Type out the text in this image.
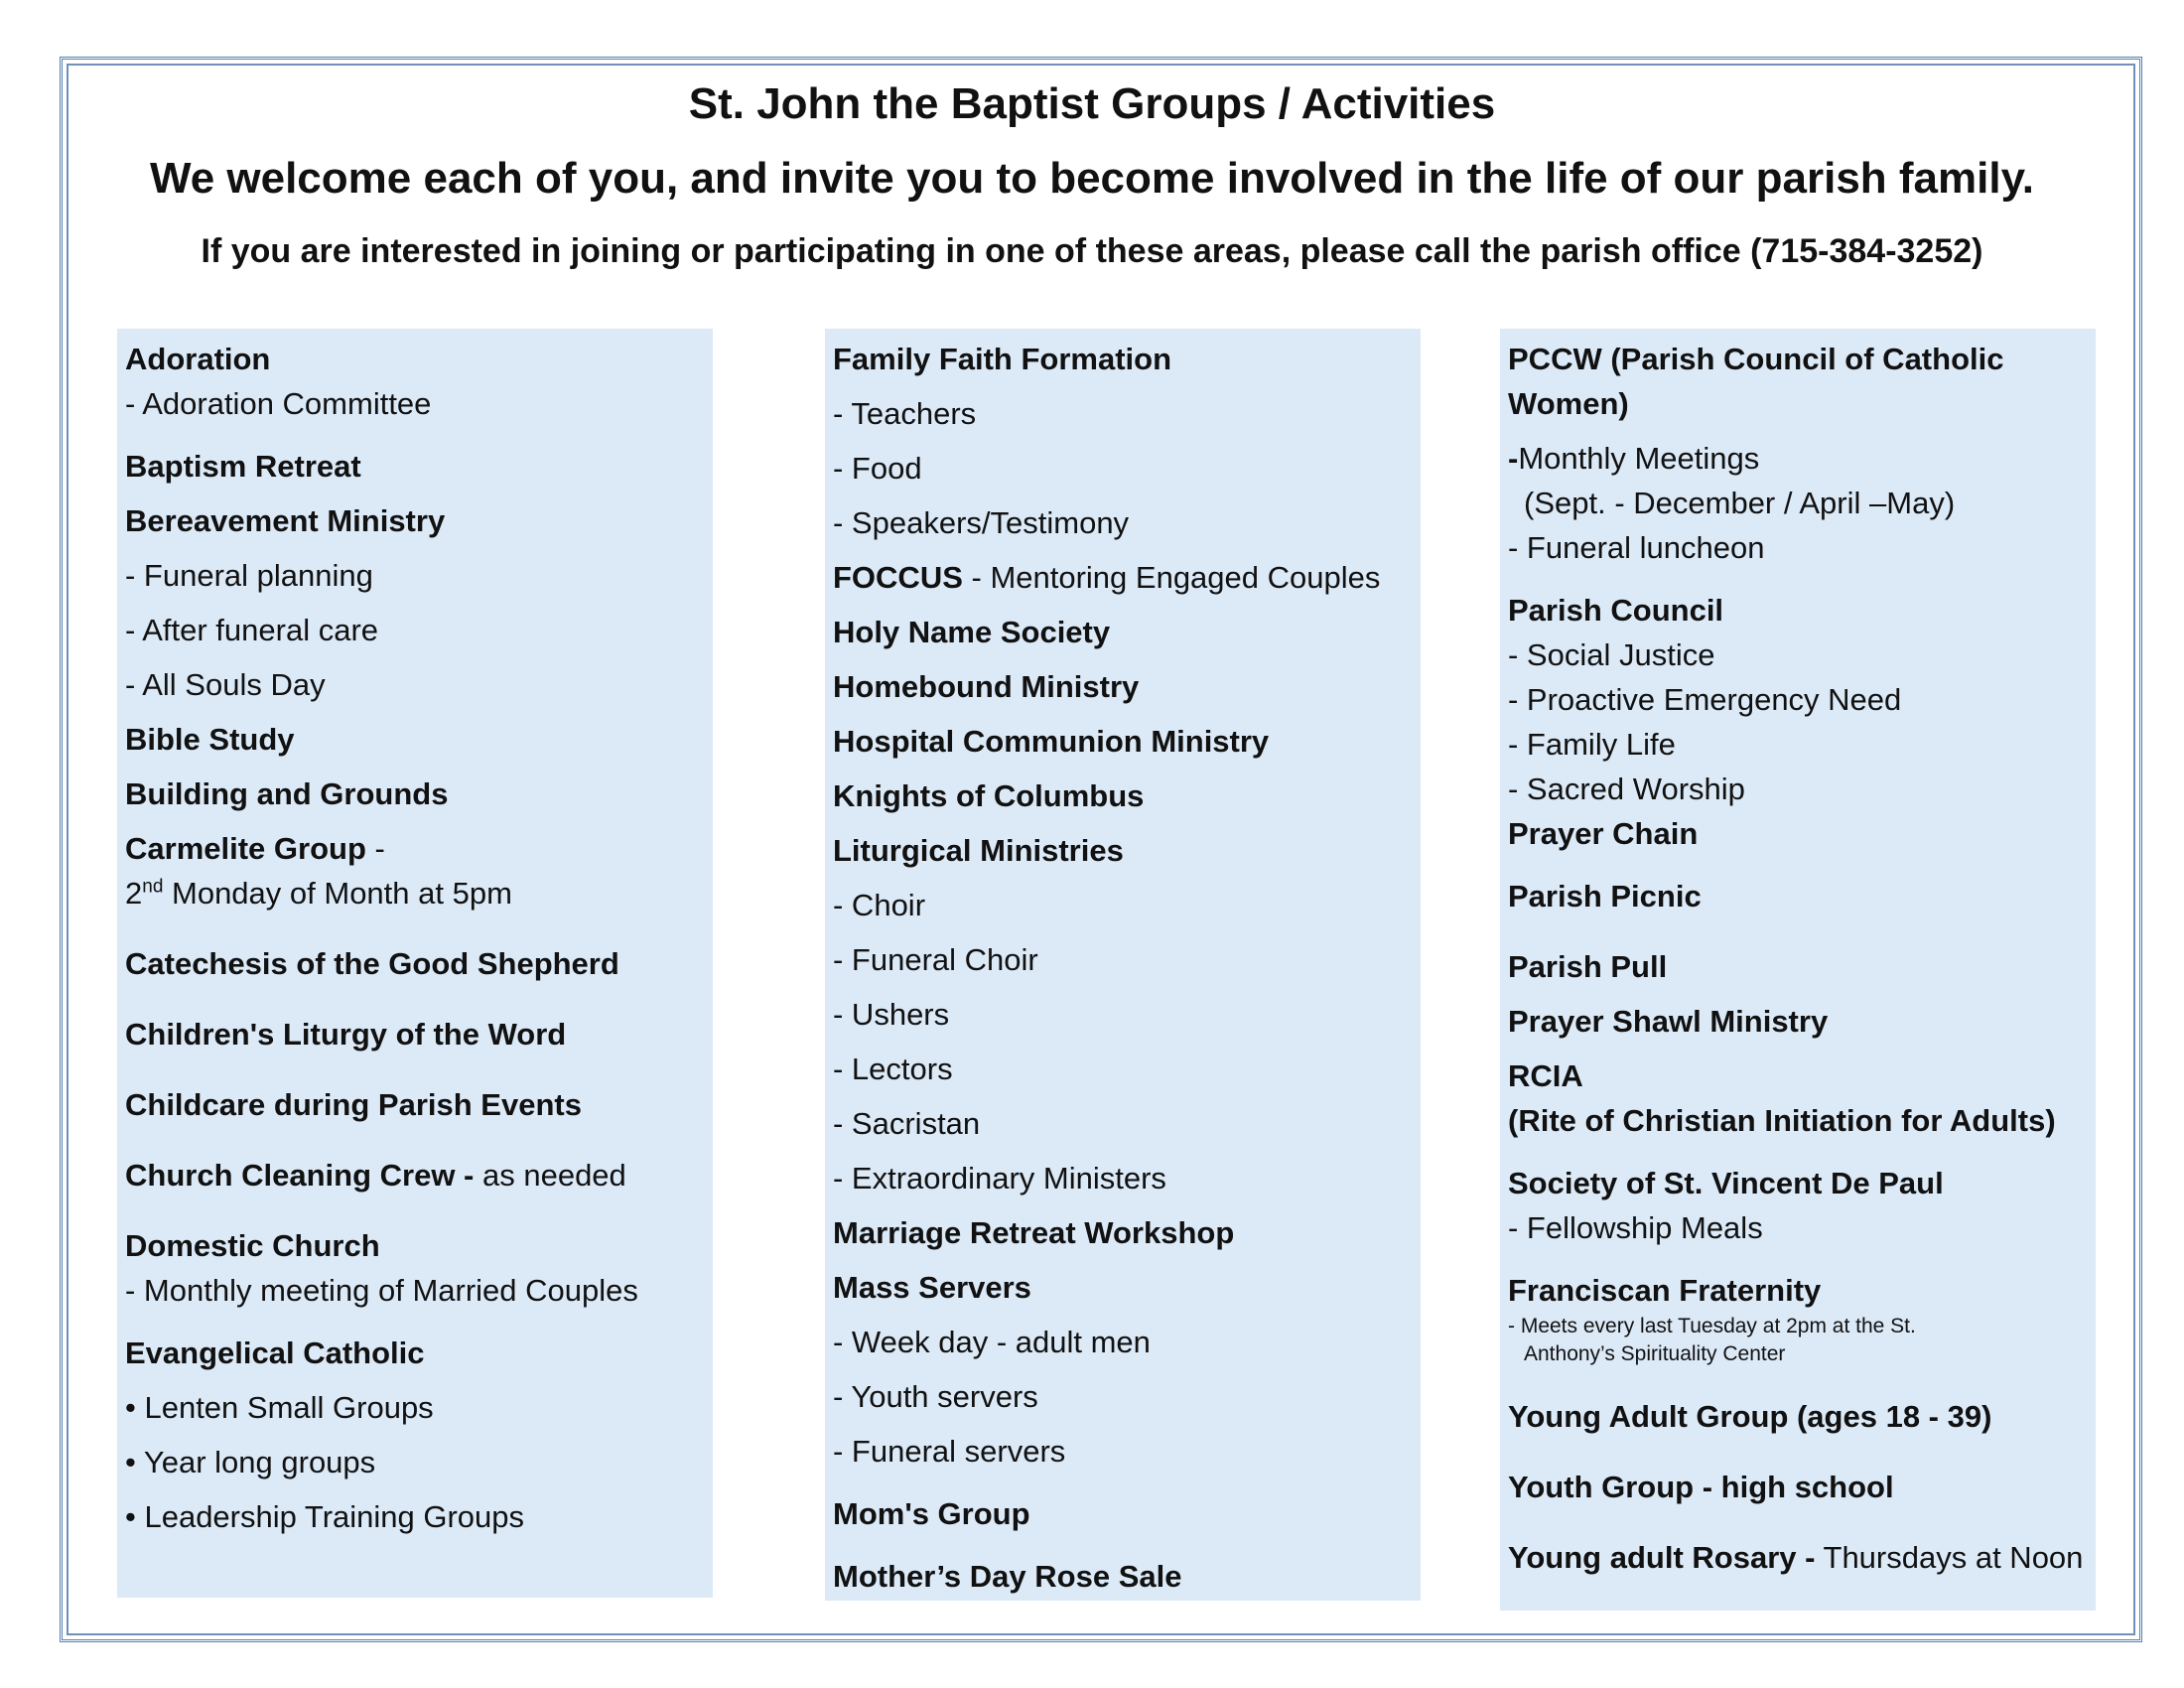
St. John the Baptist Groups / Activities
We welcome each of you, and invite you to become involved in the life of our parish family.
If you are interested in joining or participating in one of these areas, please call the parish office (715-384-3252)
Adoration
- Adoration Committee
Baptism Retreat
Bereavement Ministry
- Funeral planning
- After funeral care
- All Souls Day
Bible Study
Building and Grounds
Carmelite Group -
2nd Monday of Month at 5pm
Catechesis of the Good Shepherd
Children's Liturgy of the Word
Childcare during Parish Events
Church Cleaning Crew - as needed
Domestic Church
- Monthly meeting of Married Couples
Evangelical Catholic
• Lenten Small Groups
• Year long groups
• Leadership Training Groups
Family Faith Formation
- Teachers
- Food
- Speakers/Testimony
FOCCUS - Mentoring Engaged Couples
Holy Name Society
Homebound Ministry
Hospital Communion Ministry
Knights of Columbus
Liturgical Ministries
- Choir
- Funeral Choir
- Ushers
- Lectors
- Sacristan
- Extraordinary Ministers
Marriage Retreat Workshop
Mass Servers
- Week day - adult men
- Youth servers
- Funeral servers
Mom's Group
Mother’s Day Rose Sale
PCCW (Parish Council of Catholic Women)
-Monthly Meetings
(Sept. - December / April –May)
- Funeral luncheon
Parish Council
- Social Justice
- Proactive Emergency Need
- Family Life
- Sacred Worship
Prayer Chain
Parish Picnic
Parish Pull
Prayer Shawl Ministry
RCIA
(Rite of Christian Initiation for Adults)
Society of St. Vincent De Paul
- Fellowship Meals
Franciscan Fraternity
- Meets every last Tuesday at 2pm at the St.
Anthony’s Spirituality Center
Young Adult Group (ages 18 - 39)
Youth Group - high school
Young adult Rosary - Thursdays at Noon
